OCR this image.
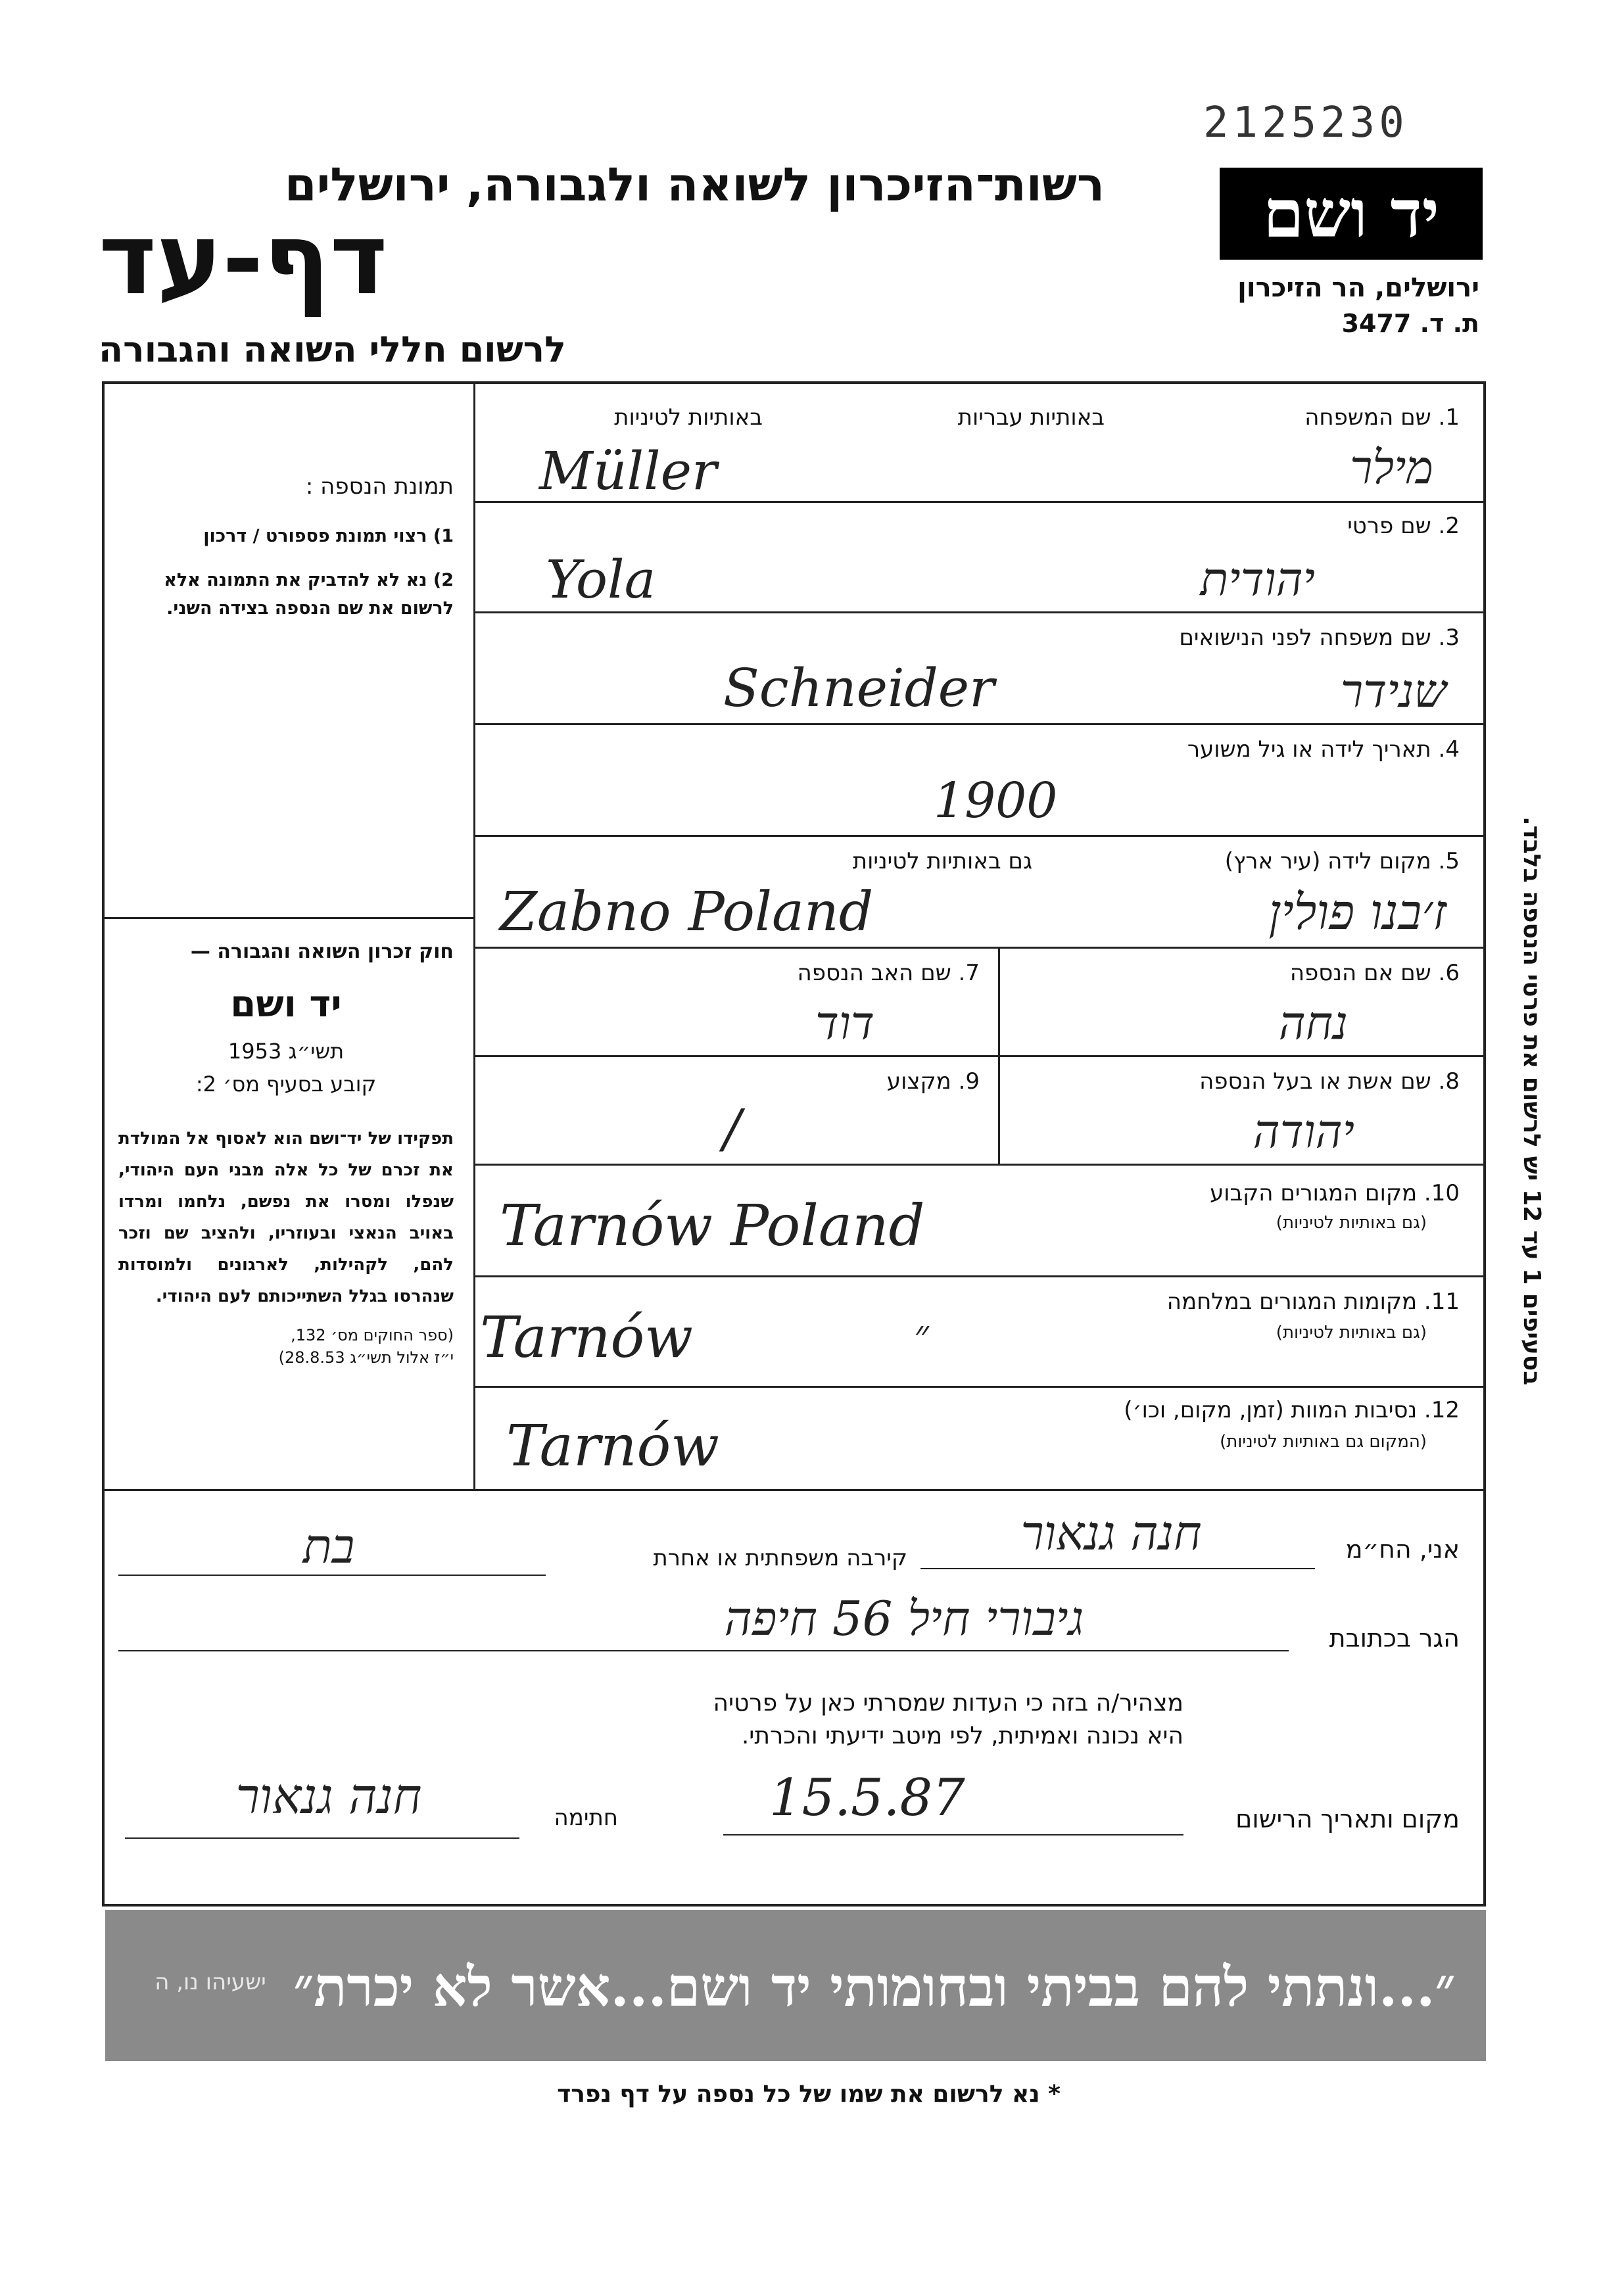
2125230
רשות־הזיכרון לשואה ולגבורה, ירושלים
דף-עד
לרשום חללי השואה והגבורה
יד ושם
ירושלים, הר הזיכרון
ת. ד. 3477

תמונת הנספה :

1) רצוי תמונת פספורט / דרכון

2) נא לא להדביק את התמונה אלא לרשום את שם הנספה בצידה השני.

חוק זכרון השואה והגבורה —

יד ושם

תשי״ג 1953

קובע בסעיף מס׳ 2:

תפקידו של יד־ושם הוא לאסוף אל המולדת את זכרם של כל אלה מבני העם היהודי, שנפלו ומסרו את נפשם, נלחמו ומרדו באויב הנאצי ובעוזריו, ולהציב שם וזכר להם, לקהילות, לארגונים ולמוסדות שנהרסו בגלל השתייכותם לעם היהודי.

(ספר החוקים מס׳ 132,

י״ז אלול תשי״ג 28.8.53)

בסעיפים 1 עד 12 יש לרשום את פרטי הנספה בלבד.
1. שם המשפחה
באותיות עבריות
באותיות לטיניות
מילר
Müller
2. שם פרטי
יהודית
Yola
3. שם משפחה לפני הנישואים
שנידר
Schneider
4. תאריך לידה או גיל משוער
1900
5. מקום לידה (עיר ארץ)
גם באותיות לטיניות
ז׳בנו פולין
Zabno Poland
6. שם אם הנספה
נחה
7. שם האב הנספה
דוד
8. שם אשת או בעל הנספה
יהודה
9. מקצוע
/
10. מקום המגורים הקבוע
(גם באותיות לטיניות)
Tarnów Poland
11. מקומות המגורים במלחמה
(גם באותיות לטיניות)
Tarnów	״
12. נסיבות המוות (זמן, מקום, וכו׳)
(המקום גם באותיות לטיניות)
Tarnów
אני, הח״מ
חנה גנאור
קירבה משפחתית או אחרת
בת
הגר בכתובת
גיבורי חיל 56 חיפה
מצהיר/ה בזה כי העדות שמסרתי כאן על פרטיה
היא נכונה ואמיתית, לפי מיטב ידיעתי והכרתי.
מקום ותאריך הרישום
15.5.87
חתימה
חנה גנאור
״...ונתתי להם בביתי ובחומותי יד ושם...אשר לא יכרת״
ישעיהו נו, ה
* נא לרשום את שמו של כל נספה על דף נפרד
